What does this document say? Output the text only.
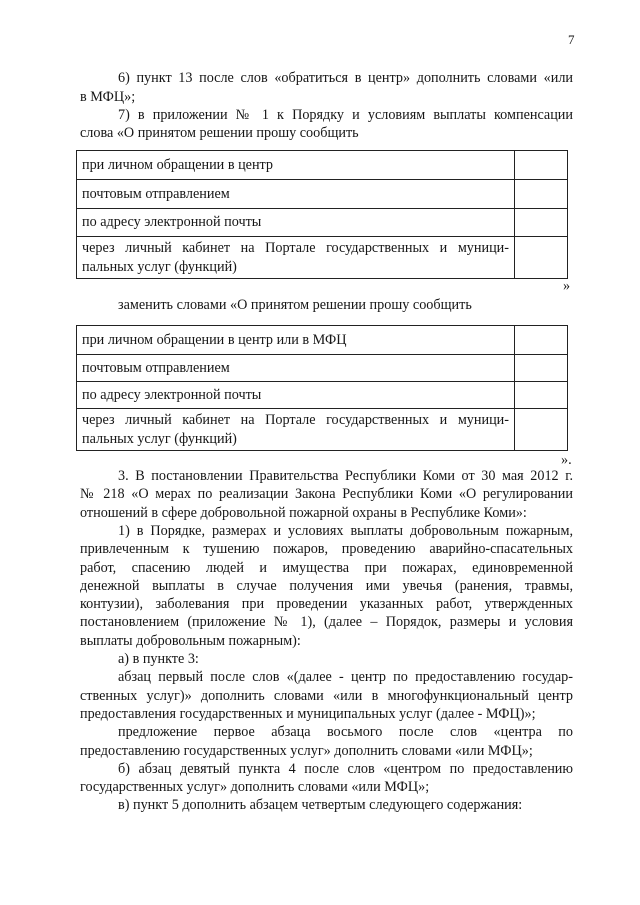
7
6) пункт 13 после слов «обратиться в центр» дополнить словами «или
в МФЦ»;
7) в приложении № 1 к Порядку и условиям выплаты компенсации
слова «О принятом решении прошу сообщить
при личном обращении в центр	
почтовым отправлением	
по адресу электронной почты	

через личный кабинет на Портале государственных и муници-
пальных услуг (функций)	

»
заменить словами «О принятом решении прошу сообщить
при личном обращении в центр или в МФЦ	
почтовым отправлением	
по адресу электронной почты	

через личный кабинет на Портале государственных и муници-
пальных услуг (функций)	

».
3. В постановлении Правительства Республики Коми от 30 мая 2012 г.
№ 218 «О мерах по реализации Закона Республики Коми «О регулировании
отношений в сфере добровольной пожарной охраны в Республике Коми»:
1) в Порядке, размерах и условиях выплаты добровольным пожарным,
привлеченным к тушению пожаров, проведению аварийно-спасательных
работ, спасению людей и имущества при пожарах, единовременной
денежной выплаты в случае получения ими увечья (ранения, травмы,
контузии), заболевания при проведении указанных работ, утвержденных
постановлением (приложение № 1), (далее – Порядок, размеры и условия
выплаты добровольным пожарным):
а) в пункте 3:
абзац первый после слов «(далее - центр по предоставлению государ-
ственных услуг)» дополнить словами «или в многофункциональный центр
предоставления государственных и муниципальных услуг (далее - МФЦ)»;
предложение первое абзаца восьмого после слов «центра по
предоставлению государственных услуг» дополнить словами «или МФЦ»;
б) абзац девятый пункта 4 после слов «центром по предоставлению
государственных услуг» дополнить словами «или МФЦ»;
в) пункт 5 дополнить абзацем четвертым следующего содержания:
